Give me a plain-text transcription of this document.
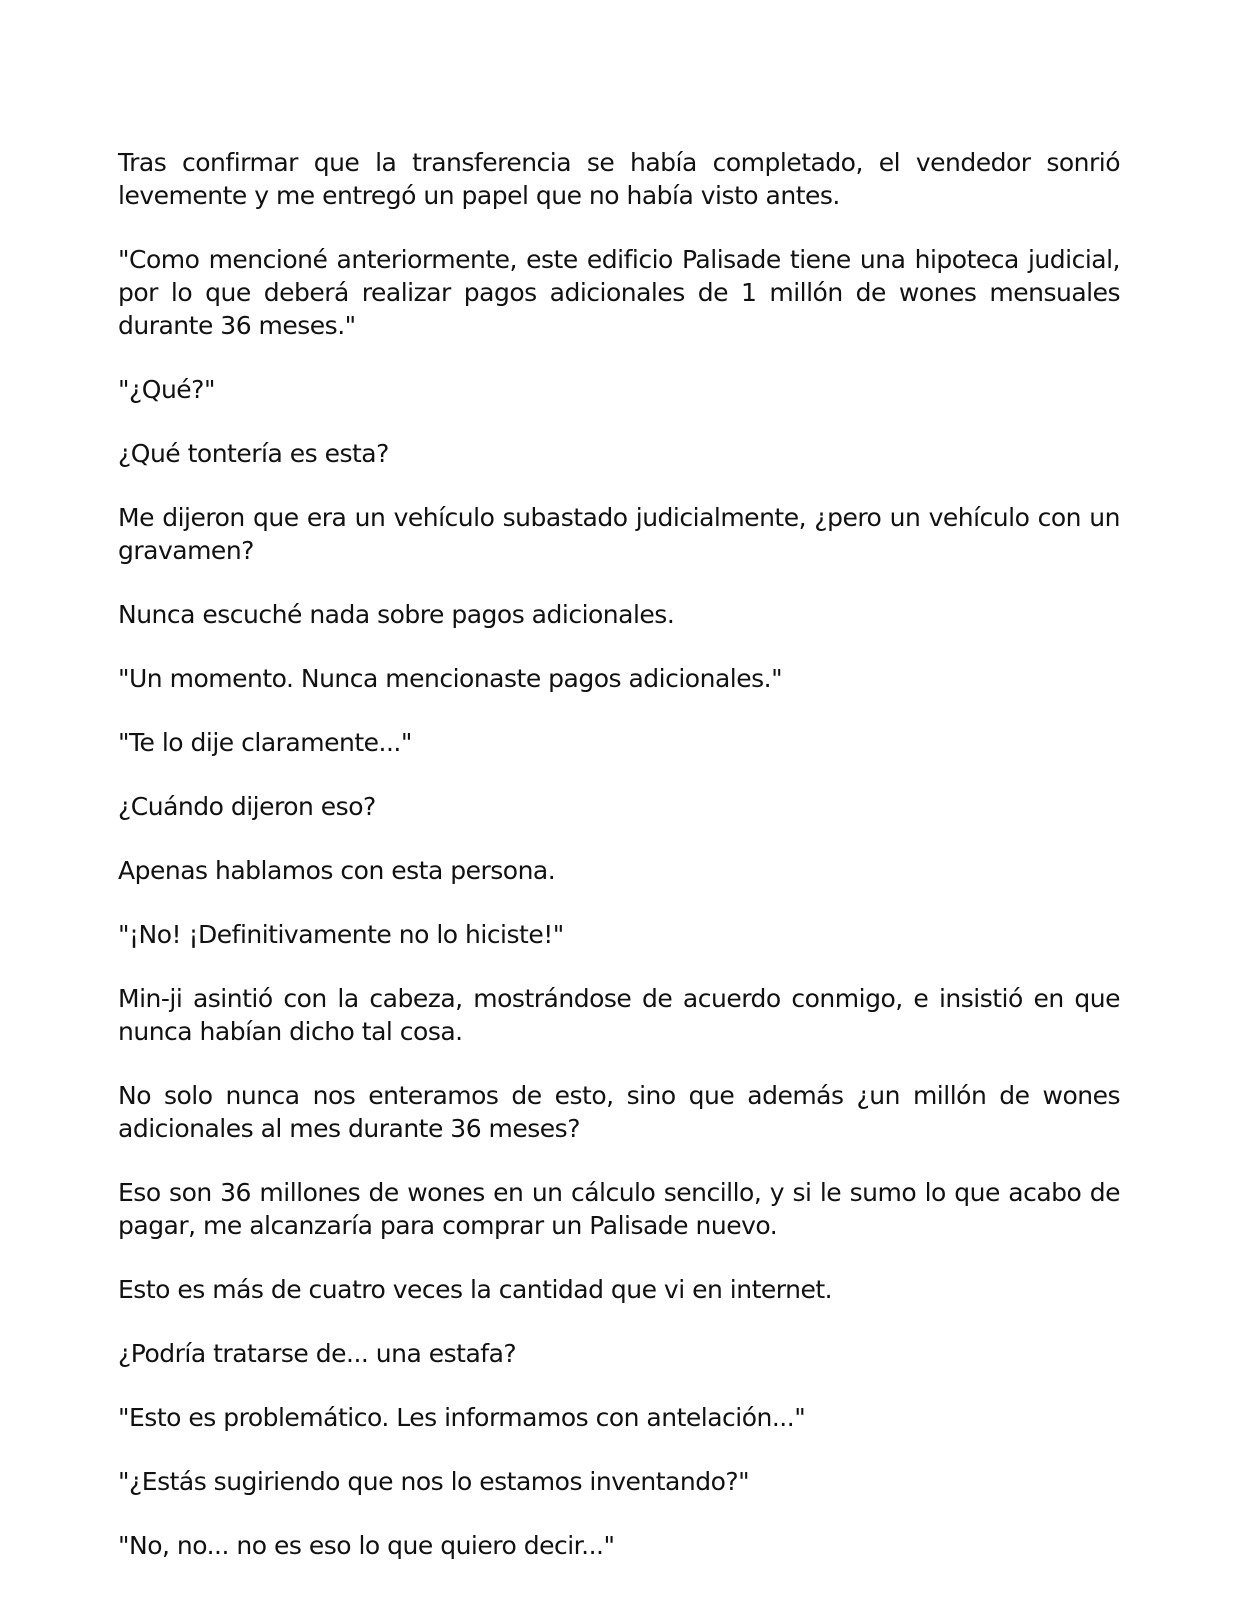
Tras confirmar que la transferencia se había completado, el vendedor sonrió levemente y me entregó un papel que no había visto antes.

"Como mencioné anteriormente, este edificio Palisade tiene una hipoteca judicial, por lo que deberá realizar pagos adicionales de 1 millón de wones mensuales durante 36 meses."

"¿Qué?"

¿Qué tontería es esta?

Me dijeron que era un vehículo subastado judicialmente, ¿pero un vehículo con un gravamen?

Nunca escuché nada sobre pagos adicionales.

"Un momento. Nunca mencionaste pagos adicionales."

"Te lo dije claramente..."

¿Cuándo dijeron eso?

Apenas hablamos con esta persona.

"¡No! ¡Definitivamente no lo hiciste!"

Min-ji asintió con la cabeza, mostrándose de acuerdo conmigo, e insistió en que nunca habían dicho tal cosa.

No solo nunca nos enteramos de esto, sino que además ¿un millón de wones adicionales al mes durante 36 meses?

Eso son 36 millones de wones en un cálculo sencillo, y si le sumo lo que acabo de pagar, me alcanzaría para comprar un Palisade nuevo.

Esto es más de cuatro veces la cantidad que vi en internet.

¿Podría tratarse de... una estafa?

"Esto es problemático. Les informamos con antelación..."

"¿Estás sugiriendo que nos lo estamos inventando?"

"No, no... no es eso lo que quiero decir..."
